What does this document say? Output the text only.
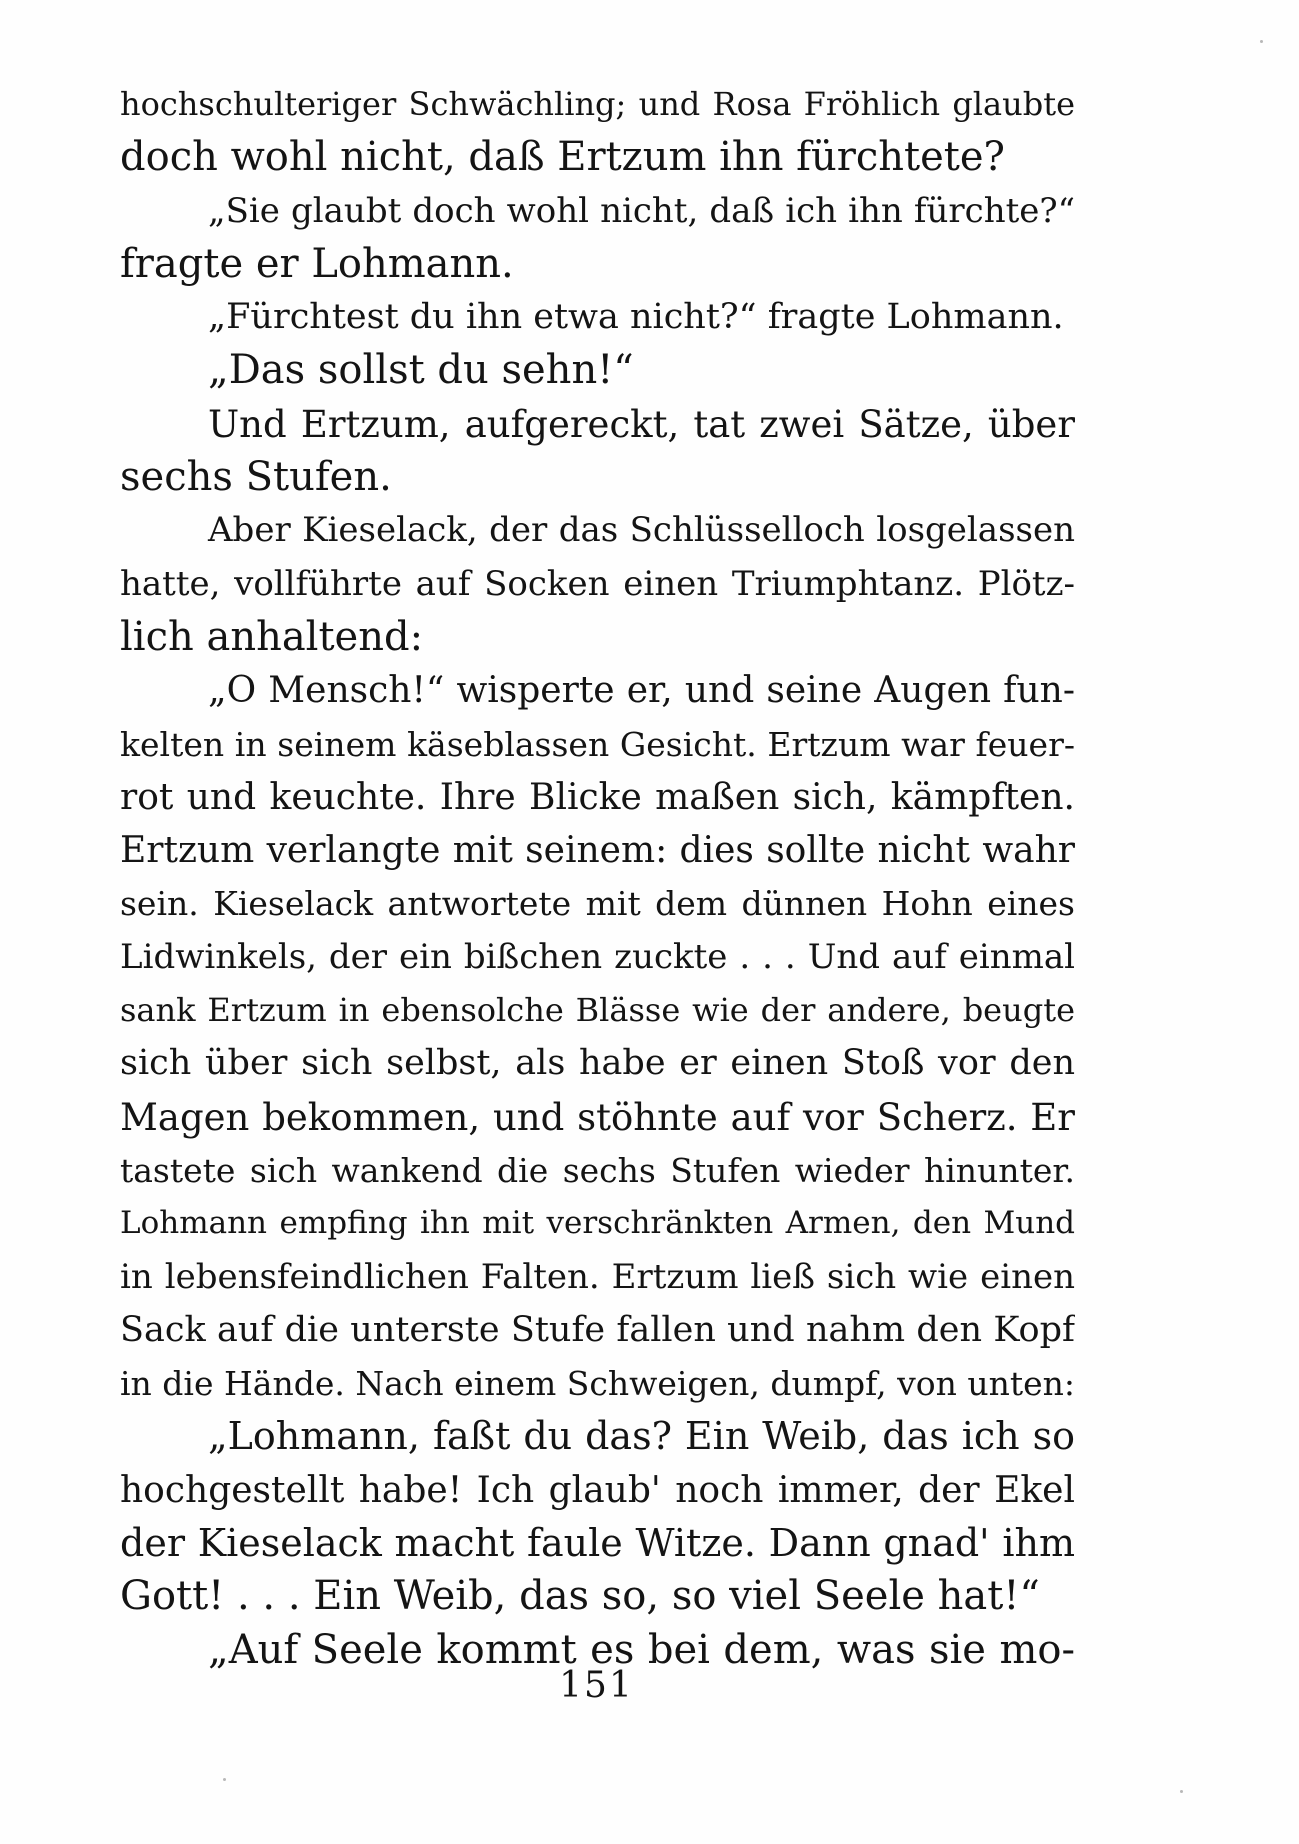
hochschulteriger Schwächling; und Rosa Fröhlich glaubte
doch wohl nicht, daß Ertzum ihn fürchtete?
„Sie glaubt doch wohl nicht, daß ich ihn fürchte?“
fragte er Lohmann.
„Fürchtest du ihn etwa nicht?“ fragte Lohmann.
„Das sollst du sehn!“
Und Ertzum, aufgereckt, tat zwei Sätze, über
sechs Stufen.
Aber Kieselack, der das Schlüsselloch losgelassen
hatte, vollführte auf Socken einen Triumphtanz. Plötz-
lich anhaltend:
„O Mensch!“ wisperte er, und seine Augen fun-
kelten in seinem käseblassen Gesicht. Ertzum war feuer-
rot und keuchte. Ihre Blicke maßen sich, kämpften.
Ertzum verlangte mit seinem: dies sollte nicht wahr
sein. Kieselack antwortete mit dem dünnen Hohn eines
Lidwinkels, der ein bißchen zuckte . . . Und auf einmal
sank Ertzum in ebensolche Blässe wie der andere, beugte
sich über sich selbst, als habe er einen Stoß vor den
Magen bekommen, und stöhnte auf vor Scherz. Er
tastete sich wankend die sechs Stufen wieder hinunter.
Lohmann empfing ihn mit verschränkten Armen, den Mund
in lebensfeindlichen Falten. Ertzum ließ sich wie einen
Sack auf die unterste Stufe fallen und nahm den Kopf
in die Hände. Nach einem Schweigen, dumpf, von unten:
„Lohmann, faßt du das? Ein Weib, das ich so
hochgestellt habe! Ich glaub' noch immer, der Ekel
der Kieselack macht faule Witze. Dann gnad' ihm
Gott! . . . Ein Weib, das so, so viel Seele hat!“
„Auf Seele kommt es bei dem, was sie mo-
151
